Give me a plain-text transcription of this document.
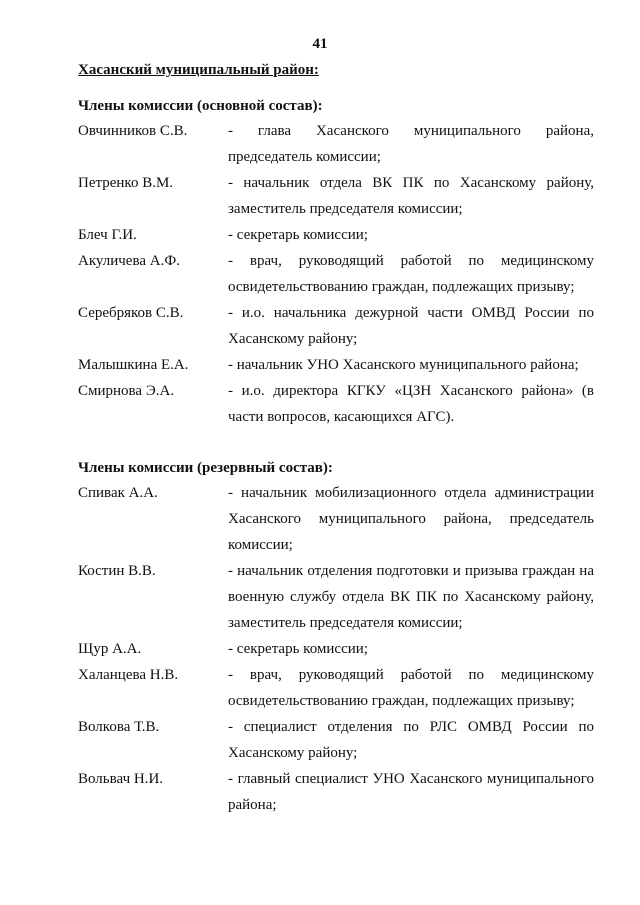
41
Хасанский муниципальный район:
Члены комиссии (основной состав):
Овчинников С.В.	- глава Хасанского муниципального района, председатель комиссии;
Петренко В.М.	- начальник отдела ВК ПК по Хасанскому району, заместитель председателя комиссии;
Блеч Г.И.	- секретарь комиссии;
Акуличева А.Ф.	- врач, руководящий работой по медицинскому освидетельствованию граждан, подлежащих призыву;
Серебряков С.В.	- и.о. начальника дежурной части ОМВД России по Хасанскому району;
Малышкина Е.А.	- начальник УНО Хасанского муниципального района;
Смирнова Э.А.	- и.о. директора КГКУ «ЦЗН Хасанского района» (в части вопросов, касающихся АГС).
Члены комиссии (резервный состав):
Спивак А.А.	- начальник мобилизационного отдела администрации Хасанского муниципального района, председатель комиссии;
Костин В.В.	- начальник отделения подготовки и призыва граждан на военную службу отдела ВК ПК по Хасанскому району, заместитель председателя комиссии;
Щур А.А.	- секретарь комиссии;
Халанцева Н.В.	- врач, руководящий работой по медицинскому освидетельствованию граждан, подлежащих призыву;
Волкова Т.В.	- специалист отделения по РЛС ОМВД России по Хасанскому району;
Вольвач Н.И.	- главный специалист УНО Хасанского муниципального района;
